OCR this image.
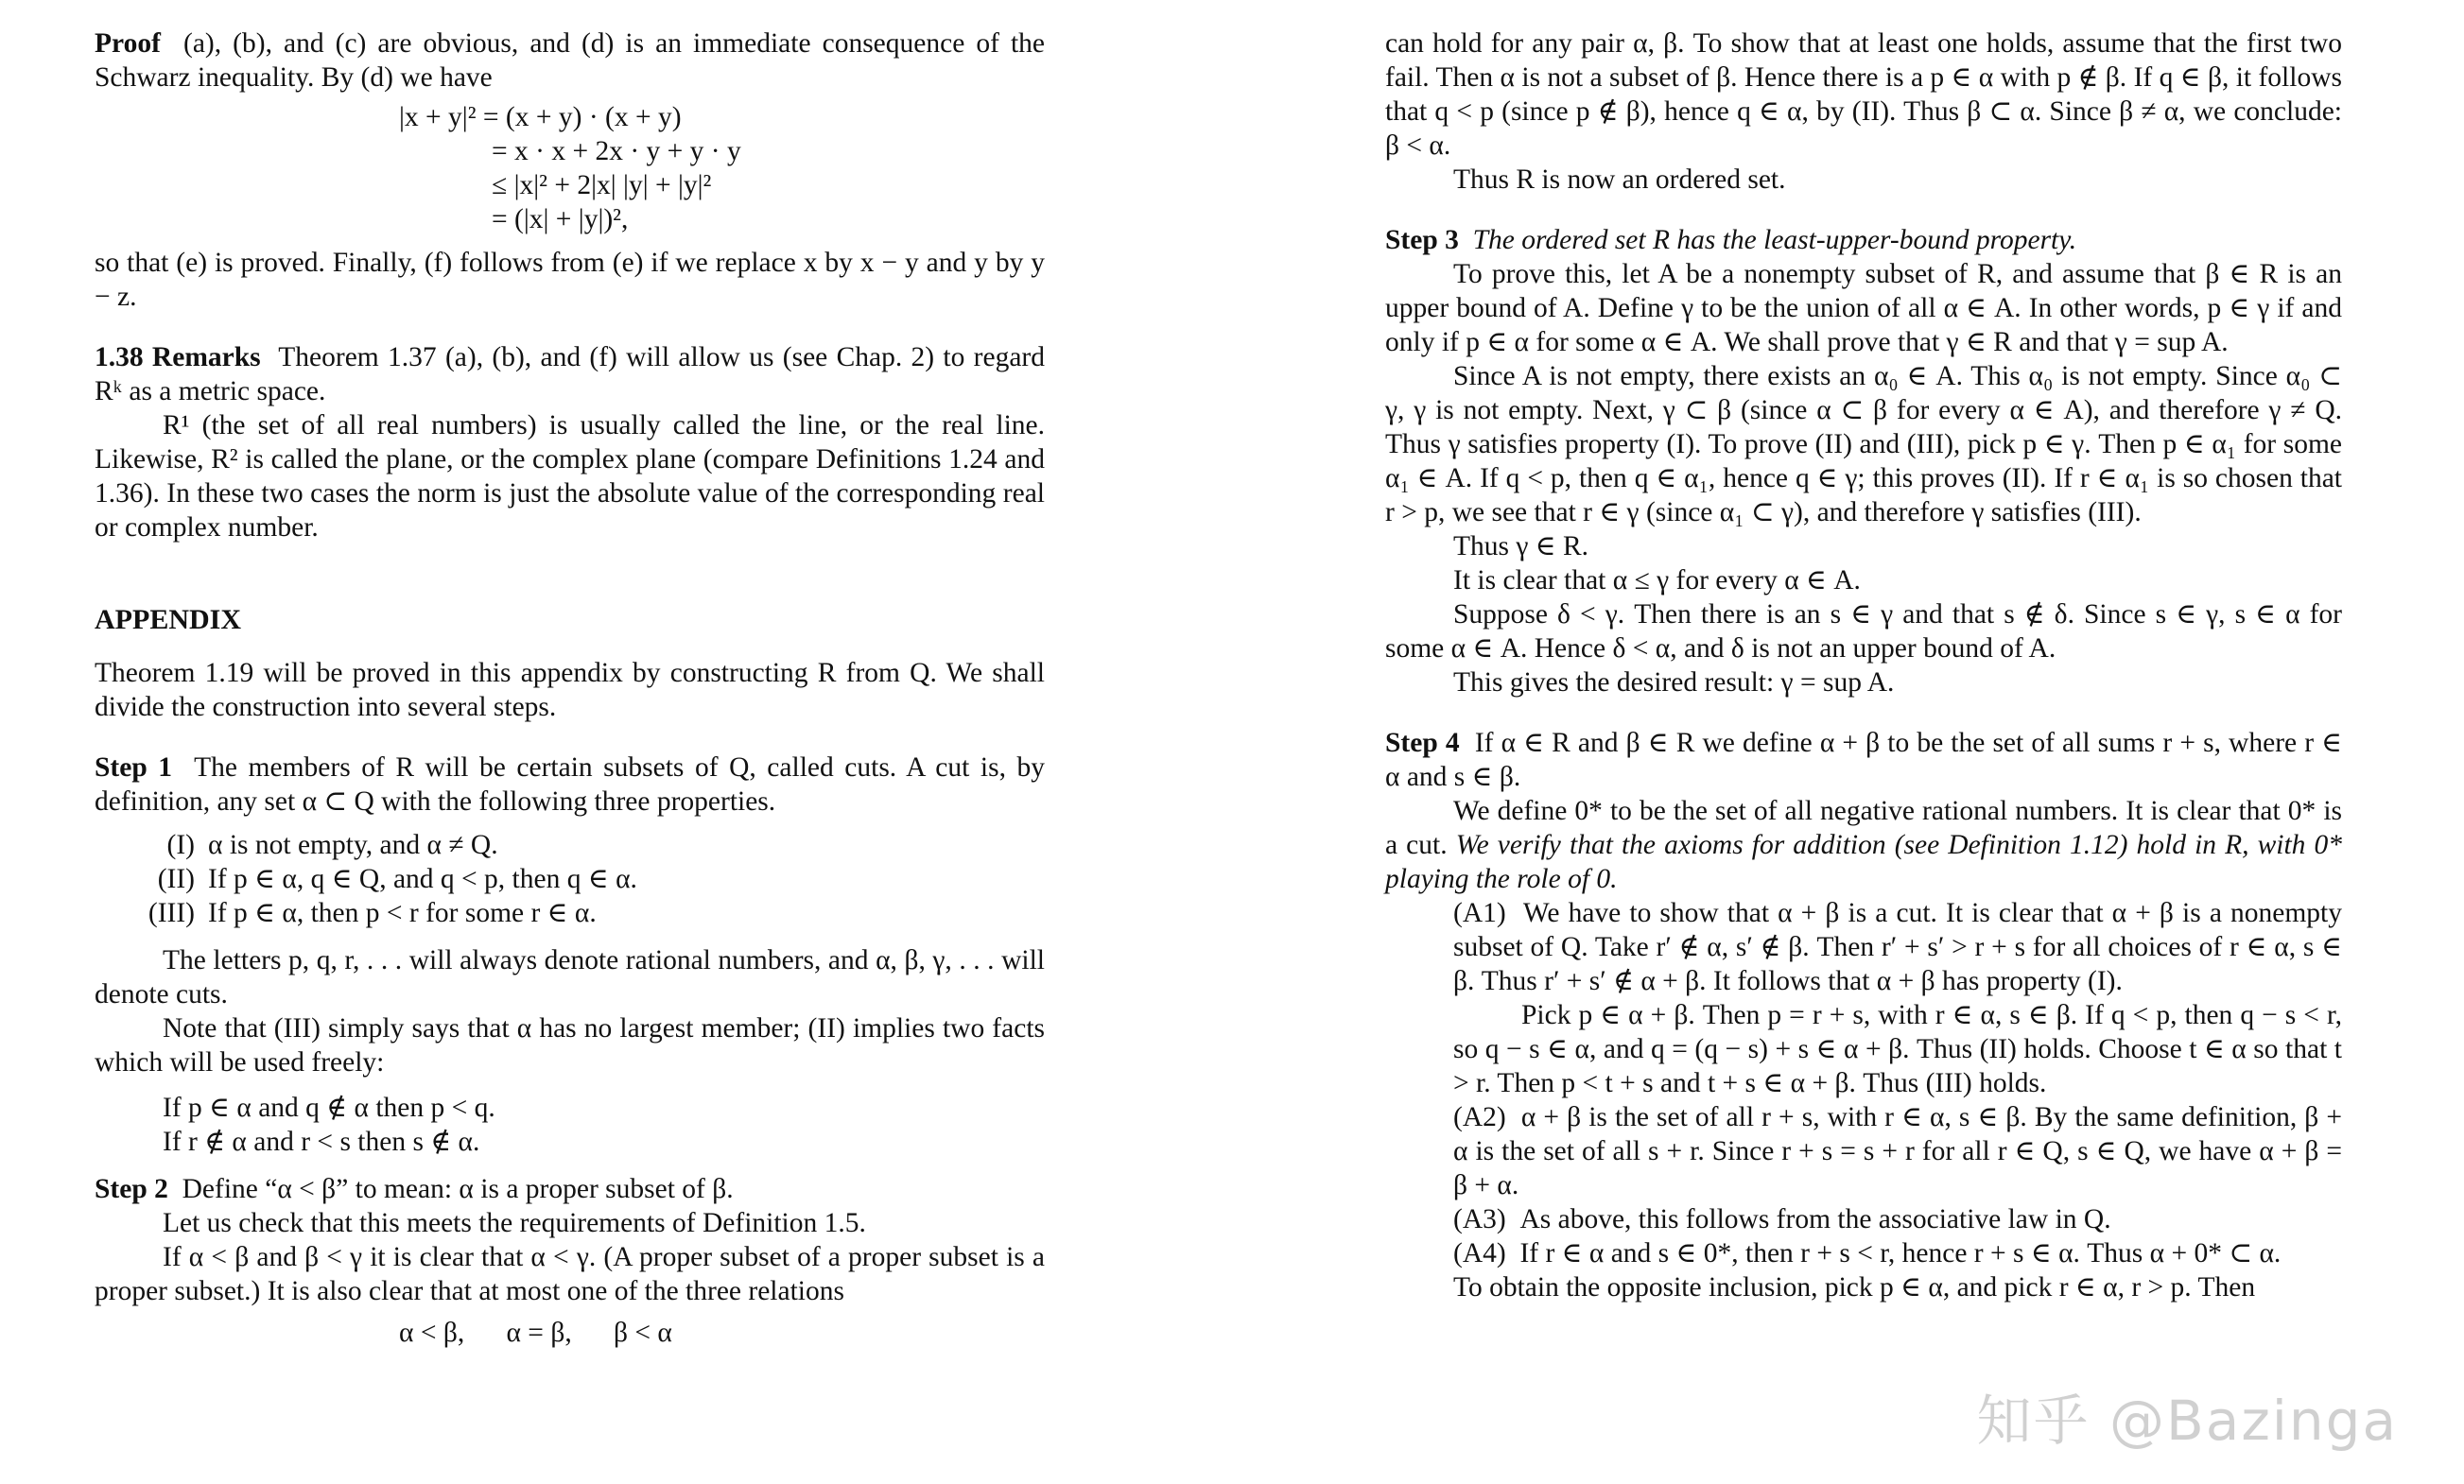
Proof (a), (b), and (c) are obvious, and (d) is an immediate consequence of the Schwarz inequality. By (d) we have

|x + y|² = (x + y) · (x + y)
= x · x + 2x · y + y · y
≤ |x|² + 2|x| |y| + |y|²
= (|x| + |y|)²,

so that (e) is proved. Finally, (f) follows from (e) if we replace x by x − y and y by y − z.

1.38 Remarks Theorem 1.37 (a), (b), and (f) will allow us (see Chap. 2) to regard Rᵏ as a metric space.

R¹ (the set of all real numbers) is usually called the line, or the real line. Likewise, R² is called the plane, or the complex plane (compare Definitions 1.24 and 1.36). In these two cases the norm is just the absolute value of the corresponding real or complex number.

APPENDIX

Theorem 1.19 will be proved in this appendix by constructing R from Q. We shall divide the construction into several steps.

Step 1 The members of R will be certain subsets of Q, called cuts. A cut is, by definition, any set α ⊂ Q with the following three properties.

(I) α is not empty, and α ≠ Q.
(II) If p ∈ α, q ∈ Q, and q < p, then q ∈ α.
(III) If p ∈ α, then p < r for some r ∈ α.

The letters p, q, r, . . . will always denote rational numbers, and α, β, γ, . . . will denote cuts.

Note that (III) simply says that α has no largest member; (II) implies two facts which will be used freely:

If p ∈ α and q ∉ α then p < q.

If r ∉ α and r < s then s ∉ α.

Step 2 Define “α < β” to mean: α is a proper subset of β.

Let us check that this meets the requirements of Definition 1.5.

If α < β and β < γ it is clear that α < γ. (A proper subset of a proper subset is a proper subset.) It is also clear that at most one of the three relations

α < β,      α = β,      β < α

can hold for any pair α, β. To show that at least one holds, assume that the first two fail. Then α is not a subset of β. Hence there is a p ∈ α with p ∉ β. If q ∈ β, it follows that q < p (since p ∉ β), hence q ∈ α, by (II). Thus β ⊂ α. Since β ≠ α, we conclude: β < α.

Thus R is now an ordered set.

Step 3 The ordered set R has the least-upper-bound property.

To prove this, let A be a nonempty subset of R, and assume that β ∈ R is an upper bound of A. Define γ to be the union of all α ∈ A. In other words, p ∈ γ if and only if p ∈ α for some α ∈ A. We shall prove that γ ∈ R and that γ = sup A.

Since A is not empty, there exists an α₀ ∈ A. This α₀ is not empty. Since α₀ ⊂ γ, γ is not empty. Next, γ ⊂ β (since α ⊂ β for every α ∈ A), and therefore γ ≠ Q. Thus γ satisfies property (I). To prove (II) and (III), pick p ∈ γ. Then p ∈ α₁ for some α₁ ∈ A. If q < p, then q ∈ α₁, hence q ∈ γ; this proves (II). If r ∈ α₁ is so chosen that r > p, we see that r ∈ γ (since α₁ ⊂ γ), and therefore γ satisfies (III).

Thus γ ∈ R.

It is clear that α ≤ γ for every α ∈ A.

Suppose δ < γ. Then there is an s ∈ γ and that s ∉ δ. Since s ∈ γ, s ∈ α for some α ∈ A. Hence δ < α, and δ is not an upper bound of A.

This gives the desired result: γ = sup A.

Step 4 If α ∈ R and β ∈ R we define α + β to be the set of all sums r + s, where r ∈ α and s ∈ β.

We define 0* to be the set of all negative rational numbers. It is clear that 0* is a cut. We verify that the axioms for addition (see Definition 1.12) hold in R, with 0* playing the role of 0.

(A1) We have to show that α + β is a cut. It is clear that α + β is a nonempty subset of Q. Take r′ ∉ α, s′ ∉ β. Then r′ + s′ > r + s for all choices of r ∈ α, s ∈ β. Thus r′ + s′ ∉ α + β. It follows that α + β has property (I).

Pick p ∈ α + β. Then p = r + s, with r ∈ α, s ∈ β. If q < p, then q − s < r, so q − s ∈ α, and q = (q − s) + s ∈ α + β. Thus (II) holds. Choose t ∈ α so that t > r. Then p < t + s and t + s ∈ α + β. Thus (III) holds.

(A2) α + β is the set of all r + s, with r ∈ α, s ∈ β. By the same definition, β + α is the set of all s + r. Since r + s = s + r for all r ∈ Q, s ∈ Q, we have α + β = β + α.

(A3) As above, this follows from the associative law in Q.

(A4) If r ∈ α and s ∈ 0*, then r + s < r, hence r + s ∈ α. Thus α + 0* ⊂ α.

To obtain the opposite inclusion, pick p ∈ α, and pick r ∈ α, r > p. Then

知乎 @Bazinga
